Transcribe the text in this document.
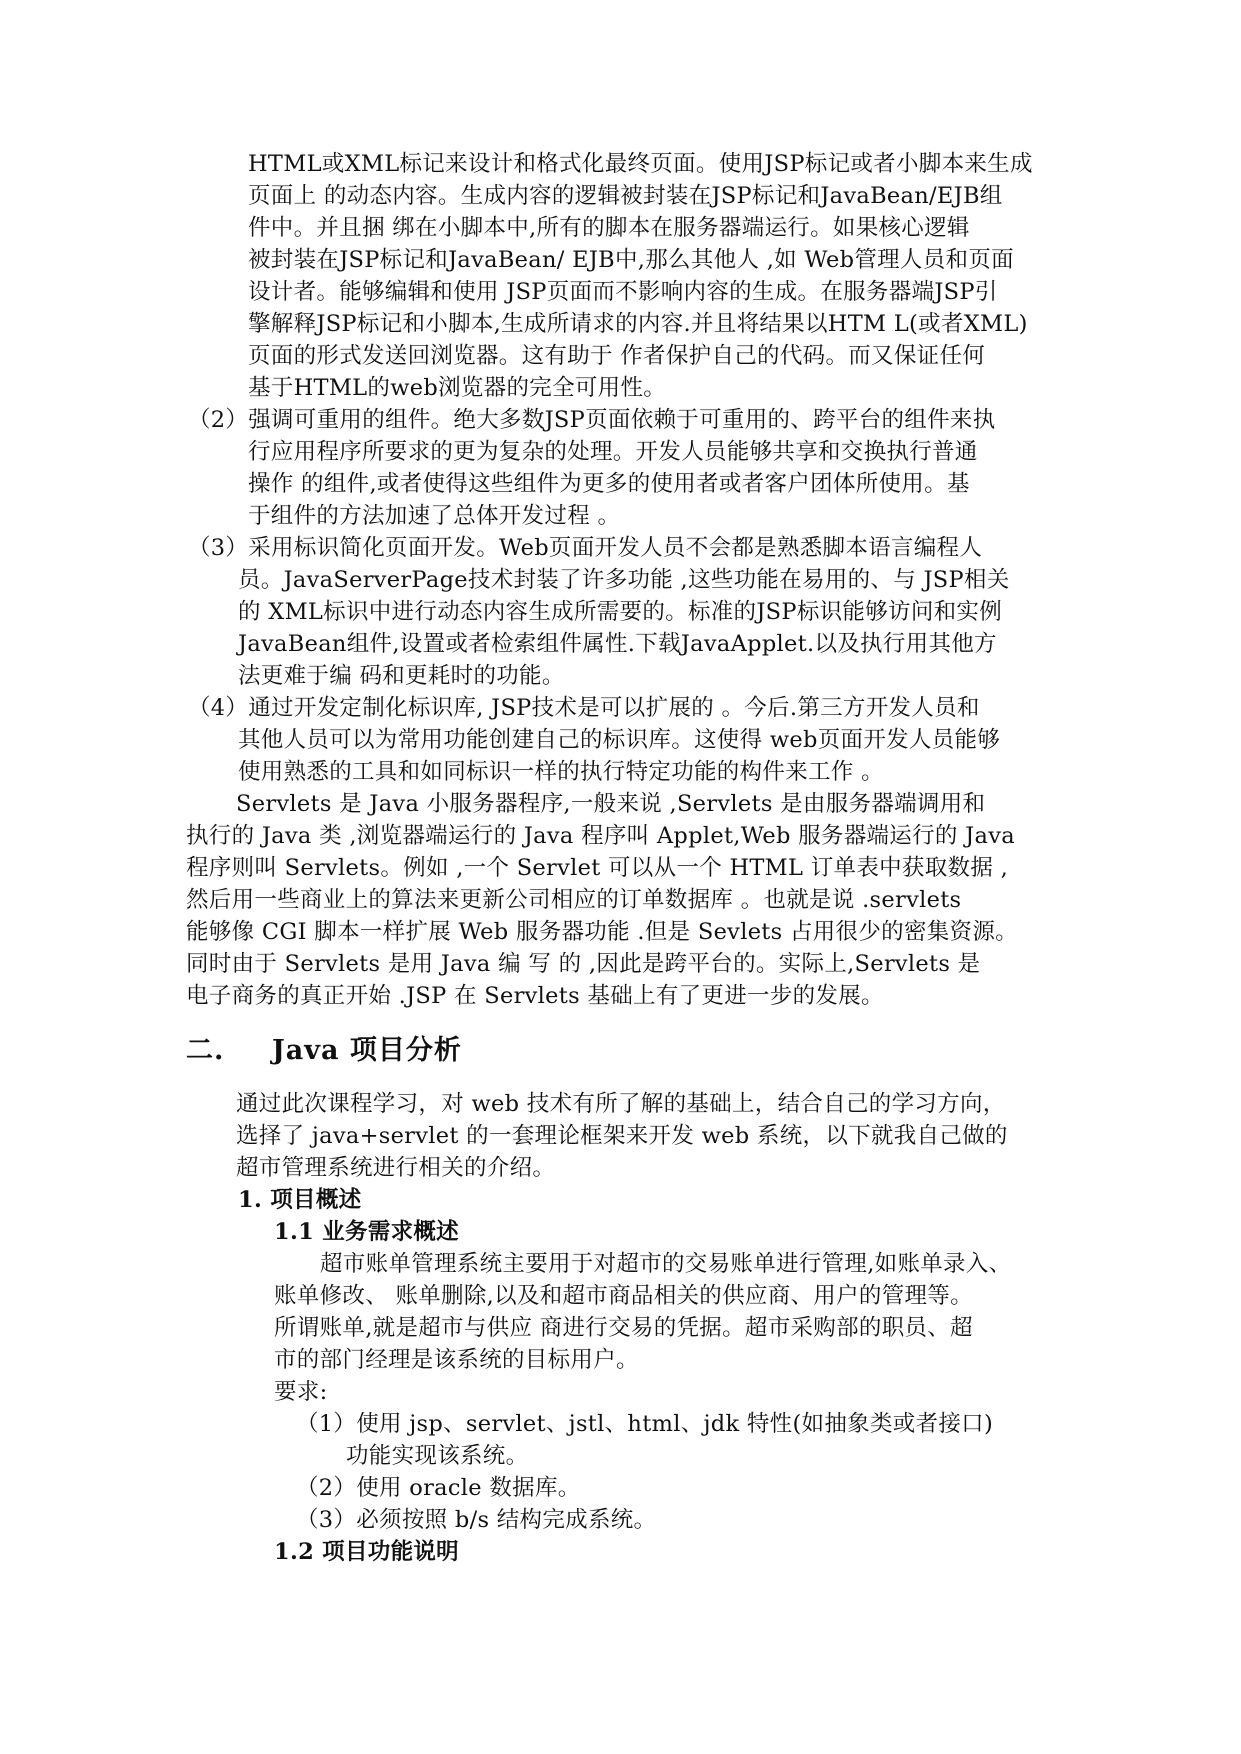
HTML或XML标记来设计和格式化最终页面。使用JSP标记或者小脚本来生成
页面上 的动态内容。生成内容的逻辑被封装在JSP标记和JavaBean/EJB组
件中。并且捆 绑在小脚本中,所有的脚本在服务器端运行。如果核心逻辑
被封装在JSP标记和JavaBean/ EJB中,那么其他人 ,如 Web管理人员和页面
设计者。能够编辑和使用 JSP页面而不影响内容的生成。在服务器端JSP引
擎解释JSP标记和小脚本,生成所请求的内容.并且将结果以HTM L(或者XML)
页面的形式发送回浏览器。这有助于 作者保护自己的代码。而又保证任何
基于HTML的web浏览器的完全可用性。
（2）强调可重用的组件。绝大多数JSP页面依赖于可重用的、跨平台的组件来执
行应用程序所要求的更为复杂的处理。开发人员能够共享和交换执行普通
操作 的组件,或者使得这些组件为更多的使用者或者客户团体所使用。基
于组件的方法加速了总体开发过程 。
（3）采用标识简化页面开发。Web页面开发人员不会都是熟悉脚本语言编程人
员。JavaServerPage技术封装了许多功能 ,这些功能在易用的、与 JSP相关
的 XML标识中进行动态内容生成所需要的。标准的JSP标识能够访问和实例
JavaBean组件,设置或者检索组件属性.下载JavaApplet.以及执行用其他方
法更难于编 码和更耗时的功能。
（4）通过开发定制化标识库, JSP技术是可以扩展的 。今后.第三方开发人员和
其他人员可以为常用功能创建自己的标识库。这使得 web页面开发人员能够
使用熟悉的工具和如同标识一样的执行特定功能的构件来工作 。
Servlets 是 Java 小服务器程序,一般来说 ,Servlets 是由服务器端调用和
执行的 Java 类 ,浏览器端运行的 Java 程序叫 Applet,Web 服务器端运行的 Java
程序则叫 Servlets。例如 ,一个 Servlet 可以从一个 HTML 订单表中获取数据 ,
然后用一些商业上的算法来更新公司相应的订单数据库 。也就是说 .servlets
能够像 CGI 脚本一样扩展 Web 服务器功能 .但是 Sevlets 占用很少的密集资源。
同时由于 Servlets 是用 Java 编 写 的 ,因此是跨平台的。实际上,Servlets 是
电子商务的真正开始 .JSP 在 Servlets 基础上有了更进一步的发展。
二. Java 项目分析
通过此次课程学习，对 web 技术有所了解的基础上，结合自己的学习方向，
选择了 java+servlet 的一套理论框架来开发 web 系统，以下就我自己做的
超市管理系统进行相关的介绍。
1. 项目概述
1.1 业务需求概述
超市账单管理系统主要用于对超市的交易账单进行管理,如账单录入、
账单修改、 账单删除,以及和超市商品相关的供应商、用户的管理等。
所谓账单,就是超市与供应 商进行交易的凭据。超市采购部的职员、超
市的部门经理是该系统的目标用户。
要求:
（1）使用 jsp、servlet、jstl、html、jdk 特性(如抽象类或者接口)
功能实现该系统。
（2）使用 oracle 数据库。
（3）必须按照 b/s 结构完成系统。
1.2 项目功能说明
